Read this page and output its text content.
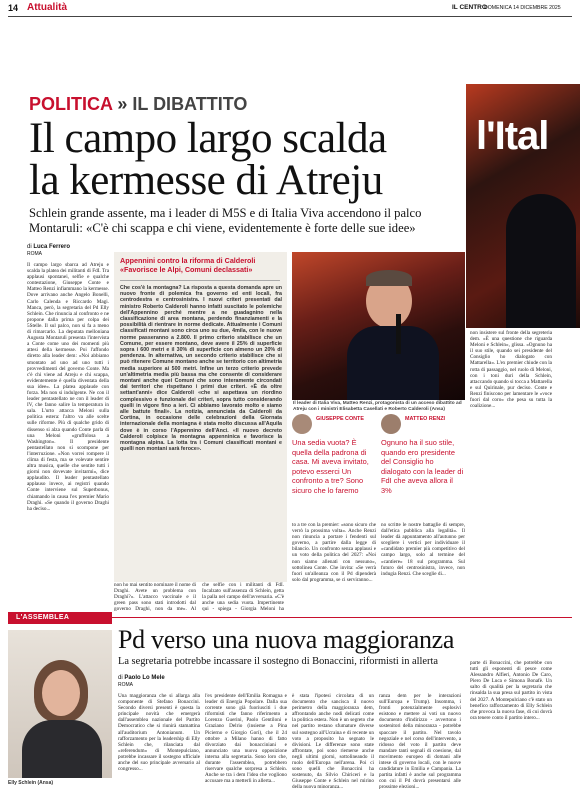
14 Attualità	IL CENTRO
DOMENICA 14 DICEMBRE 2025
l'Ital
POLITICA » IL DIBATTITO
Il campo largo scalda
la kermesse di Atreju
Schlein grande assente, ma i leader di M5S e di Italia Viva accendono il palco Montaruli: «C'è chi scappa e chi viene, evidentemente è forte delle sue idee»
di Luca Ferrero
ROMA
Il campo largo sbarca ad Atreju e scalda la platea dei militanti di FdI. Tra applausi spontanei, selfie e qualche contestazione, Giuseppe Conte e Matteo Renzi infiammano la kermesse. Dove arrivano anche Angelo Bonelli, Carlo Calenda e Riccardo Magi. Manca, però, la segretaria del Pd Elly Schlein. Che rinuncia al confronto e ne propone dalla prima per colpa dei 5Stelle. Il sul palco, non si fa a meno di rimarcarlo. La deputata melloniana Augusta Montaruli presenta l'intervista a Conte come uno dei momenti più attesi della kermesse. Poi l'affondo diretto alla leader dem: «Noi abbiamo smontato ad uno ad uno tutti i provvedimenti del governo Conte. Ma c'è chi viene ad Atreju e chi scappa, evidentemente è quella diventata della sua idee». La platea applaude con forza. Ma non si indulgente. Ne con il leader pentastellato ne con il leader di IV, che fanno salire la temperatura in sala. L'urto attacca Meloni sulla politica estera: l'altro va alle scelte sulle riforme. Più di qualche grido di dissenso si alza quando Conte parla di una Meloni «gruffolosa a Washington». Il presidente pentastellato non si scompone per l'interruzione. «Non vorrei rompere il clima di festa, ma se volevate sentire altra musica, quelle che sentite tutti i giorni non dovevate invitarmi», dice applaudito. Il leader pentastellato applauso invece, ai registri quando Conte interviene sul Superbonus, chiamando in causa l'ex premier Mario Draghi. «Se quando il governo Draghi ha deciso...
Appennini contro la riforma di Calderoli «Favorisce le Alpi, Comuni declassati»
Che cos'è la montagna? La risposta a questa domanda apre un nuovo fronte di polemica fra governo ed enti locali, fra centrodestra e centrosinistra. I nuovi criteri presentati dal ministro Roberto Calderoli hanno infatti suscitato le polemiche dell'Appennino perché mentre a ne guadagnino nella classificazione di area montana, perdendo finanziamenti e la possibilità di rientrare in norme dedicate. Attualmente i Comuni classificati montani sono circa uno su due, 4mila, con le nuove norme passeranno a 2.800. Il primo criterio stabilisce che un Comune, per essere montano, deve avere il 25% di superficie sopra i 600 metri e il 30% di superficie con almeno un 20% di pendenza. In alternativa, un secondo criterio stabilisce che si può ritenere Comune montano anche se territorio con altimetria media superiore ai 500 metri. Infine un terzo criterio prevede un'altimetria media più bassa ma che consente di considerare montani anche quei Comuni che sono interamente circondati dai territori che rispettano i primi due criteri. «È da oltre settant'anni» dice Calderoli «che si aspettava un riordino complessivo e funzionale dei criteri, sopra tutto considerando quelli in vigore fino a ieri. Ci abbiamo lavorato molto e siamo alle battute finali». La notizia, annunciata da Calderoli da Cortina, in occasione delle celebrazioni della Giornata internazionale della montagna è stata molto discussa all'Aquila dove è in corso l'Appennino dell'Anci. «Il nuovo decreto Calderoli colpisce la montagna appenninica e favorisce la montagna alpina. La lotta tra i Comuni classificati montani e quelli non montani sarà feroce».
Il leader di Italia Viva, Matteo Renzi, protagonista di un acceso dibattito ad Atreju con i ministri Elisabetta Casellati e Roberto Calderoli (Ansa)
GIUSEPPE CONTE
Una sedia vuota? È quella della padrona di casa. Mi aveva invitato, potevo esserci Un confronto a tre? Sono sicuro che lo faremo
MATTEO RENZI
Ognuno ha il suo stile, quando ero presidente del Consiglio ho dialogato con la leader di FdI che aveva allora il 3%
non ho mai sentito nominare il nome di Draghi. Avete un problema con Draghi?». L'attacco vaccinale e il green pass sono stati introdotti dal governo Draghi, non da me». Al
che selfie con i militanti di FdI. Incalzato sull'assenza di Schlein, getta la palla nel campo dell'avversaria. «C'è anche una sedia vuota. Impertinente qui - spiega - Giorgia Meloni ha
to a tre con la premier: «sono sicuro che verrò la prossima volta». Anche Renzi non rinuncia a portare i fendenti sul governo, a partire dalla legge di bilancio. Un confronto senza applausi e un voto della politica del 2027: «Noi non siamo allenati con nessuno», sottolinea Conte. Che invita: «Se verrà fuori un'alleanza con il Pd dipenderà solo dal programma, se ci serviranno...
no scritte le nostre battaglie di sempre, dall'etica pubblica alla legalità». Il leader dà appuntamento all'autunno per scegliere i vertici per individuare il «candidato premier più competitivo del campo largo, solo al termine del «cantiere» 18 sul programma. Sul futuro del centrosinistra, invece, non indugia Renzi. Che sceglie di...
non insistere sul fronte della segreteria dem. «È una questione che riguarda Meloni e Schlein», glissa. «Ognuno ha il suo stile, quando sei presidente del Consiglio ho dialogato con Mattarella». L'ex premier chiude con la rotta di passaggio, nel ruolo di Meloni, con i toni duri della Schlein, attaccando quando si tocca a Mattarella e sul Quirinale, pur deciso. Conte e Renzi finiscono per lamentare le «voce fuori dal coro» che pesa su tutta la coalizione...
L'ASSEMBLEA
Pd verso una nuova maggioranza
La segretaria potrebbe incassare il sostegno di Bonaccini, riformisti in allerta
di Paolo Lo Mele
ROMA
Elly Schlein (Ansa)
Una maggioranza che si allarga alla componente di Stefano Bonaccini. Secondo diversi presenti è questa la principale novità che emergerà dall'assemblea nazionale del Partito Democratico che si riunirà stamattina all'auditorium Antonianum. Un rafforzamento per la leadership di Elly Schlein che, rilanciata dal «referendum» di Montepulciano, potrebbe incassare il sostegno ufficiale anche del suo principale avversario al congresso...
l'ex presidente dell'Emilia Romagna e leader di Energia Popolare. Dalla sua corrente sono già fuoriusciti i due riformisti che fanno riferimento a Lorenzo Guerini, Paolo Gentiloni e Graziano Delrio (insieme a Pina Picierno e Giorgio Gori), che il 24 ottobre a Milano hanno di fatto divorziato dai bonacciniani e annunciato una nuova opposizione interna alla segretaria. Sono loro che, durante l'assemblea, potrebbero riservare qualche sorpresa a Schlein. Anche se tra i dem l'idea che vogliono accusare ma a metterli in allerta...
è stata l'ipotesi circolata di un documento che sancisca il nuovo perimetro della maggioranza dem, affrontando anche nodi delicati come la politica estera. Non è un segreto che nel partito restano sfumature diverse sul sostegno all'Ucraina e di recente un voto a proposito ha segnato le divisioni. Le differenze sono state affrontate, poi sono riemerse anche negli ultimi giorni, sottolineando il ruolo dell'Europa nell'arena. Poi ci sono quelli che Bonaccini ha sostenuto, da Silvio Chiriceri e la Giuseppe Conte e Schlein nel mirino della nuova minoranza...
ranza dem per le interazioni sull'Europa e Trump). Insomma, i fronti potenzialmente esplosivi esistono e mettere ai voti un nuovo documento d'indirizzo - avvertono i sostenitori della minoranza - potrebbe spaccare il partito. Nel tavolo negoziale e nel corso dell'intervento, a ridosso del voto il partito deve mandare tanti segnali di coesione, dal movimento europeo di domani alle intese di governo locali, con le nuove candidature in Emilia e Campania. La partita infatti è anche sul programma con cui il Pd dovrà presentarsi alle prossime elezioni...
parte di Bonaccini, che potrebbe con tutti gli esponenti di pesce come Alessandro Alfieri, Antonio De Caro, Piero De Luca e Simona Bonafè. Un salto di qualità per la segretaria che rinsalda la sua presa sul partito in vista del 2027. A Montepulciano c'è stato un benefico rafforzamento di Elly Schlein che provoca la nuova fase, di cui dovrà ora tenere conto il partito intero...
